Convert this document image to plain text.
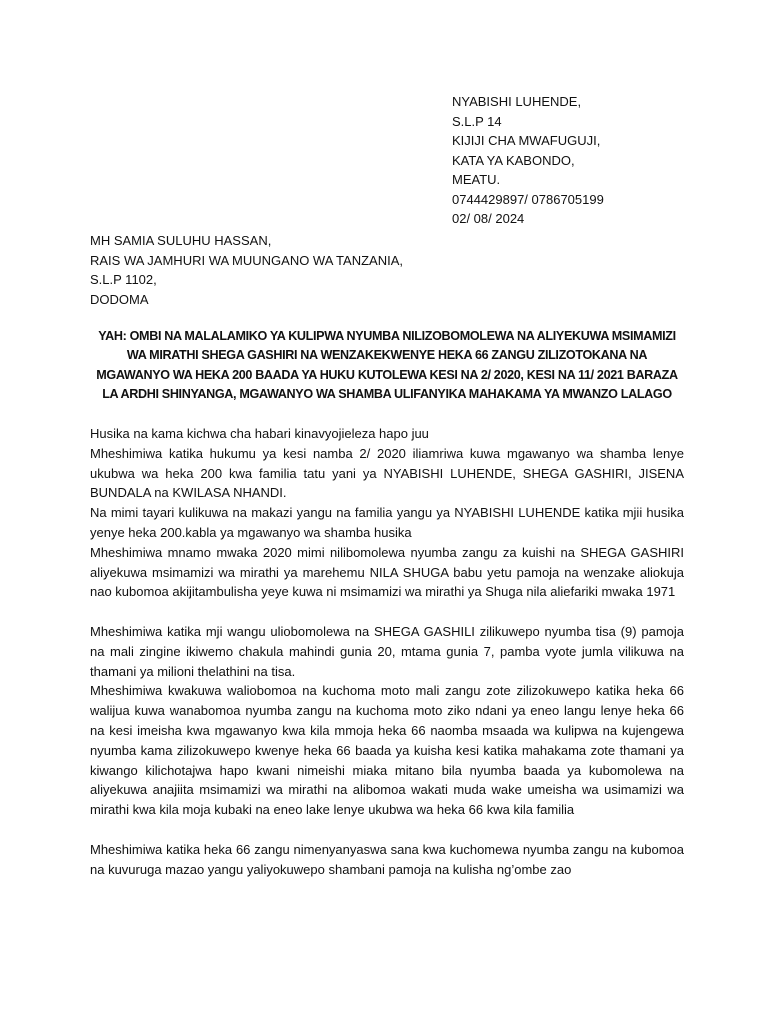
NYABISHI LUHENDE,
S.L.P 14
KIJIJI CHA MWAFUGUJI,
KATA YA KABONDO,
MEATU.
0744429897/ 0786705199
02/ 08/ 2024
MH SAMIA SULUHU HASSAN,
RAIS WA JAMHURI WA MUUNGANO WA TANZANIA,
S.L.P 1102,
DODOMA
YAH: OMBI NA MALALAMIKO YA KULIPWA NYUMBA NILIZOBOMOLEWA NA ALIYEKUWA MSIMAMIZI WA MIRATHI SHEGA GASHIRI NA WENZAKEKWENYE HEKA 66 ZANGU ZILIZOTOKANA NA MGAWANYO WA HEKA 200 BAADA YA HUKU KUTOLEWA KESI NA 2/ 2020, KESI NA 11/ 2021 BARAZA LA ARDHI SHINYANGA, MGAWANYO WA SHAMBA ULIFANYIKA MAHAKAMA YA MWANZO LALAGO

Husika na kama kichwa cha habari kinavyojieleza hapo juu

Mheshimiwa katika hukumu ya kesi namba 2/ 2020 iliamriwa kuwa mgawanyo wa shamba lenye ukubwa wa heka 200 kwa familia tatu yani ya NYABISHI LUHENDE, SHEGA GASHIRI, JISENA BUNDALA na KWILASA NHANDI.

Na mimi tayari kulikuwa na makazi yangu na familia yangu ya NYABISHI LUHENDE katika mjii husika yenye heka 200.kabla ya mgawanyo wa shamba husika

Mheshimiwa mnamo mwaka 2020 mimi nilibomolewa nyumba zangu za kuishi na SHEGA GASHIRI aliyekuwa msimamizi wa mirathi ya marehemu NILA SHUGA babu yetu pamoja na wenzake aliokuja nao kubomoa akijitambulisha yeye kuwa ni msimamizi wa mirathi ya Shuga nila aliefariki mwaka 1971

Mheshimiwa katika mji wangu uliobomolewa na SHEGA GASHILI zilikuwepo nyumba tisa (9) pamoja na mali zingine ikiwemo chakula mahindi gunia 20, mtama gunia 7, pamba vyote jumla vilikuwa na thamani ya milioni thelathini na tisa.

Mheshimiwa kwakuwa waliobomoa na kuchoma moto mali zangu zote zilizokuwepo katika heka 66 walijua kuwa wanabomoa nyumba zangu na kuchoma moto ziko ndani ya eneo langu lenye heka 66 na kesi imeisha kwa mgawanyo kwa kila mmoja heka 66 naomba msaada wa kulipwa na kujengewa nyumba kama zilizokuwepo kwenye heka 66 baada ya kuisha kesi katika mahakama zote thamani ya kiwango kilichotajwa hapo kwani nimeishi miaka mitano bila nyumba baada ya kubomolewa na aliyekuwa anajiita msimamizi wa mirathi na alibomoa wakati muda wake umeisha wa usimamizi wa mirathi kwa kila moja kubaki na eneo lake lenye ukubwa wa heka 66 kwa kila familia

Mheshimiwa katika heka 66 zangu nimenyanyaswa sana kwa kuchomewa nyumba zangu na kubomoa na kuvuruga mazao yangu yaliyokuwepo shambani pamoja na kulisha ng’ombe zao
